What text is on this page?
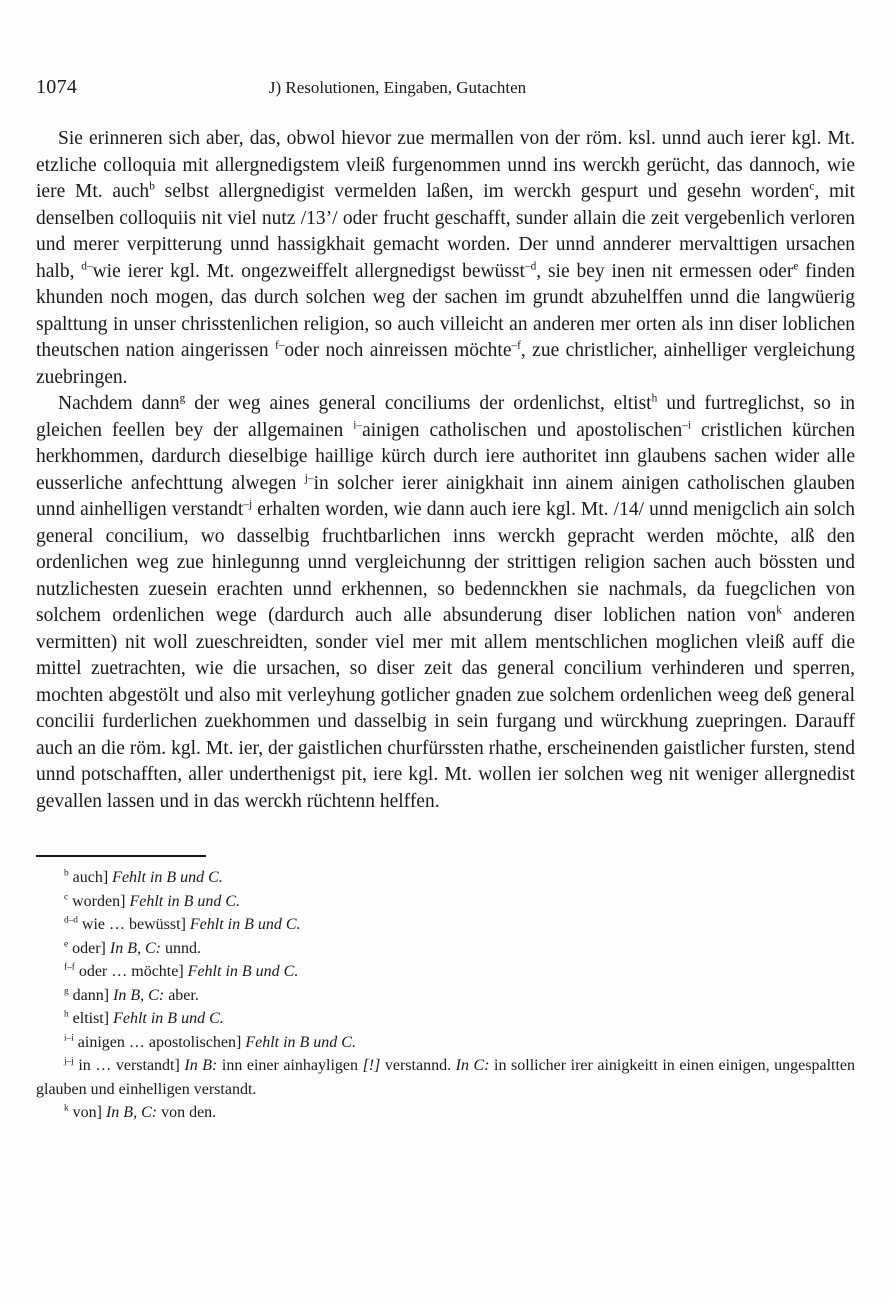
1074	J) Resolutionen, Eingaben, Gutachten

Sie erinneren sich aber, das, obwol hievor zue mermallen von der röm. ksl. unnd auch ierer kgl. Mt. etzliche colloquia mit allergnedigstem vleiß furgenommen unnd ins werckh gerücht, das dannoch, wie iere Mt. auch$^b$ selbst allergnedigist vermelden laßen, im werckh gespurt und gesehn worden$^c$, mit denselben colloquiis nit viel nutz /13’/ oder frucht geschafft, sunder allain die zeit vergebenlich verloren und merer verpitterung unnd hassigkhait gemacht worden. Der unnd annderer mervalttigen ursachen halb, $^{d-}$wie ierer kgl. Mt. ongezweiffelt allergnedigst bewüsst$^{-d}$, sie bey inen nit ermessen oder$^e$ finden khunden noch mogen, das durch solchen weg der sachen im grundt abzuhelffen unnd die langwüerig spalttung in unser chrisstenlichen religion, so auch villeicht an anderen mer orten als inn diser loblichen theutschen nation aingerissen $^{f-}$oder noch ainreissen möchte$^{-f}$, zue christlicher, ainhelliger vergleichung zuebringen.

Nachdem dann$^g$ der weg aines general conciliums der ordenlichst, eltist$^h$ und furtreglichst, so in gleichen feellen bey der allgemainen $^{i-}$ainigen catholischen und apostolischen$^{-i}$ cristlichen kürchen herkhommen, dardurch dieselbige haillige kürch durch iere authoritet inn glaubens sachen wider alle eusserliche anfechttung alwegen $^{j-}$in solcher ierer ainigkhait inn ainem ainigen catholischen glauben unnd ainhelligen verstandt$^{-j}$ erhalten worden, wie dann auch iere kgl. Mt. /14/ unnd menigclich ain solch general concilium, wo dasselbig fruchtbarlichen inns werckh gepracht werden möchte, alß den ordenlichen weg zue hinlegunng unnd vergleichunng der strittigen religion sachen auch bössten und nutzlichesten zuesein erachten unnd erkhennen, so bedennckhen sie nachmals, da fuegclichen von solchem ordenlichen wege (dardurch auch alle absunderung diser loblichen nation von$^k$ anderen vermitten) nit woll zueschreidten, sonder viel mer mit allem mentschlichen moglichen vleiß auff die mittel zuetrachten, wie die ursachen, so diser zeit das general concilium verhinderen und sperren, mochten abgestölt und also mit verleyhung gotlicher gnaden zue solchem ordenlichen weeg deß general concilii furderlichen zuekhommen und dasselbig in sein furgang und würckhung zuepringen. Darauff auch an die röm. kgl. Mt. ier, der gaistlichen churfürssten rhathe, erscheinenden gaistlicher fursten, stend unnd potschafften, aller underthenigst pit, iere kgl. Mt. wollen ier solchen weg nit weniger allergnedist gevallen lassen und in das werckh rüchtenn helffen.

$^b$ auch] Fehlt in B und C.

$^c$ worden] Fehlt in B und C.

$^{d-d}$ wie … bewüsst] Fehlt in B und C.

$^e$ oder] In B, C: unnd.

$^{f-f}$ oder … möchte] Fehlt in B und C.

$^g$ dann] In B, C: aber.

$^h$ eltist] Fehlt in B und C.

$^{i-i}$ ainigen … apostolischen] Fehlt in B und C.

$^{j-j}$ in … verstandt] In B: inn einer ainhayligen [!] verstannd. In C: in sollicher irer ainigkeitt in einen einigen, ungespaltten glauben und einhelligen verstandt.

$^k$ von] In B, C: von den.
